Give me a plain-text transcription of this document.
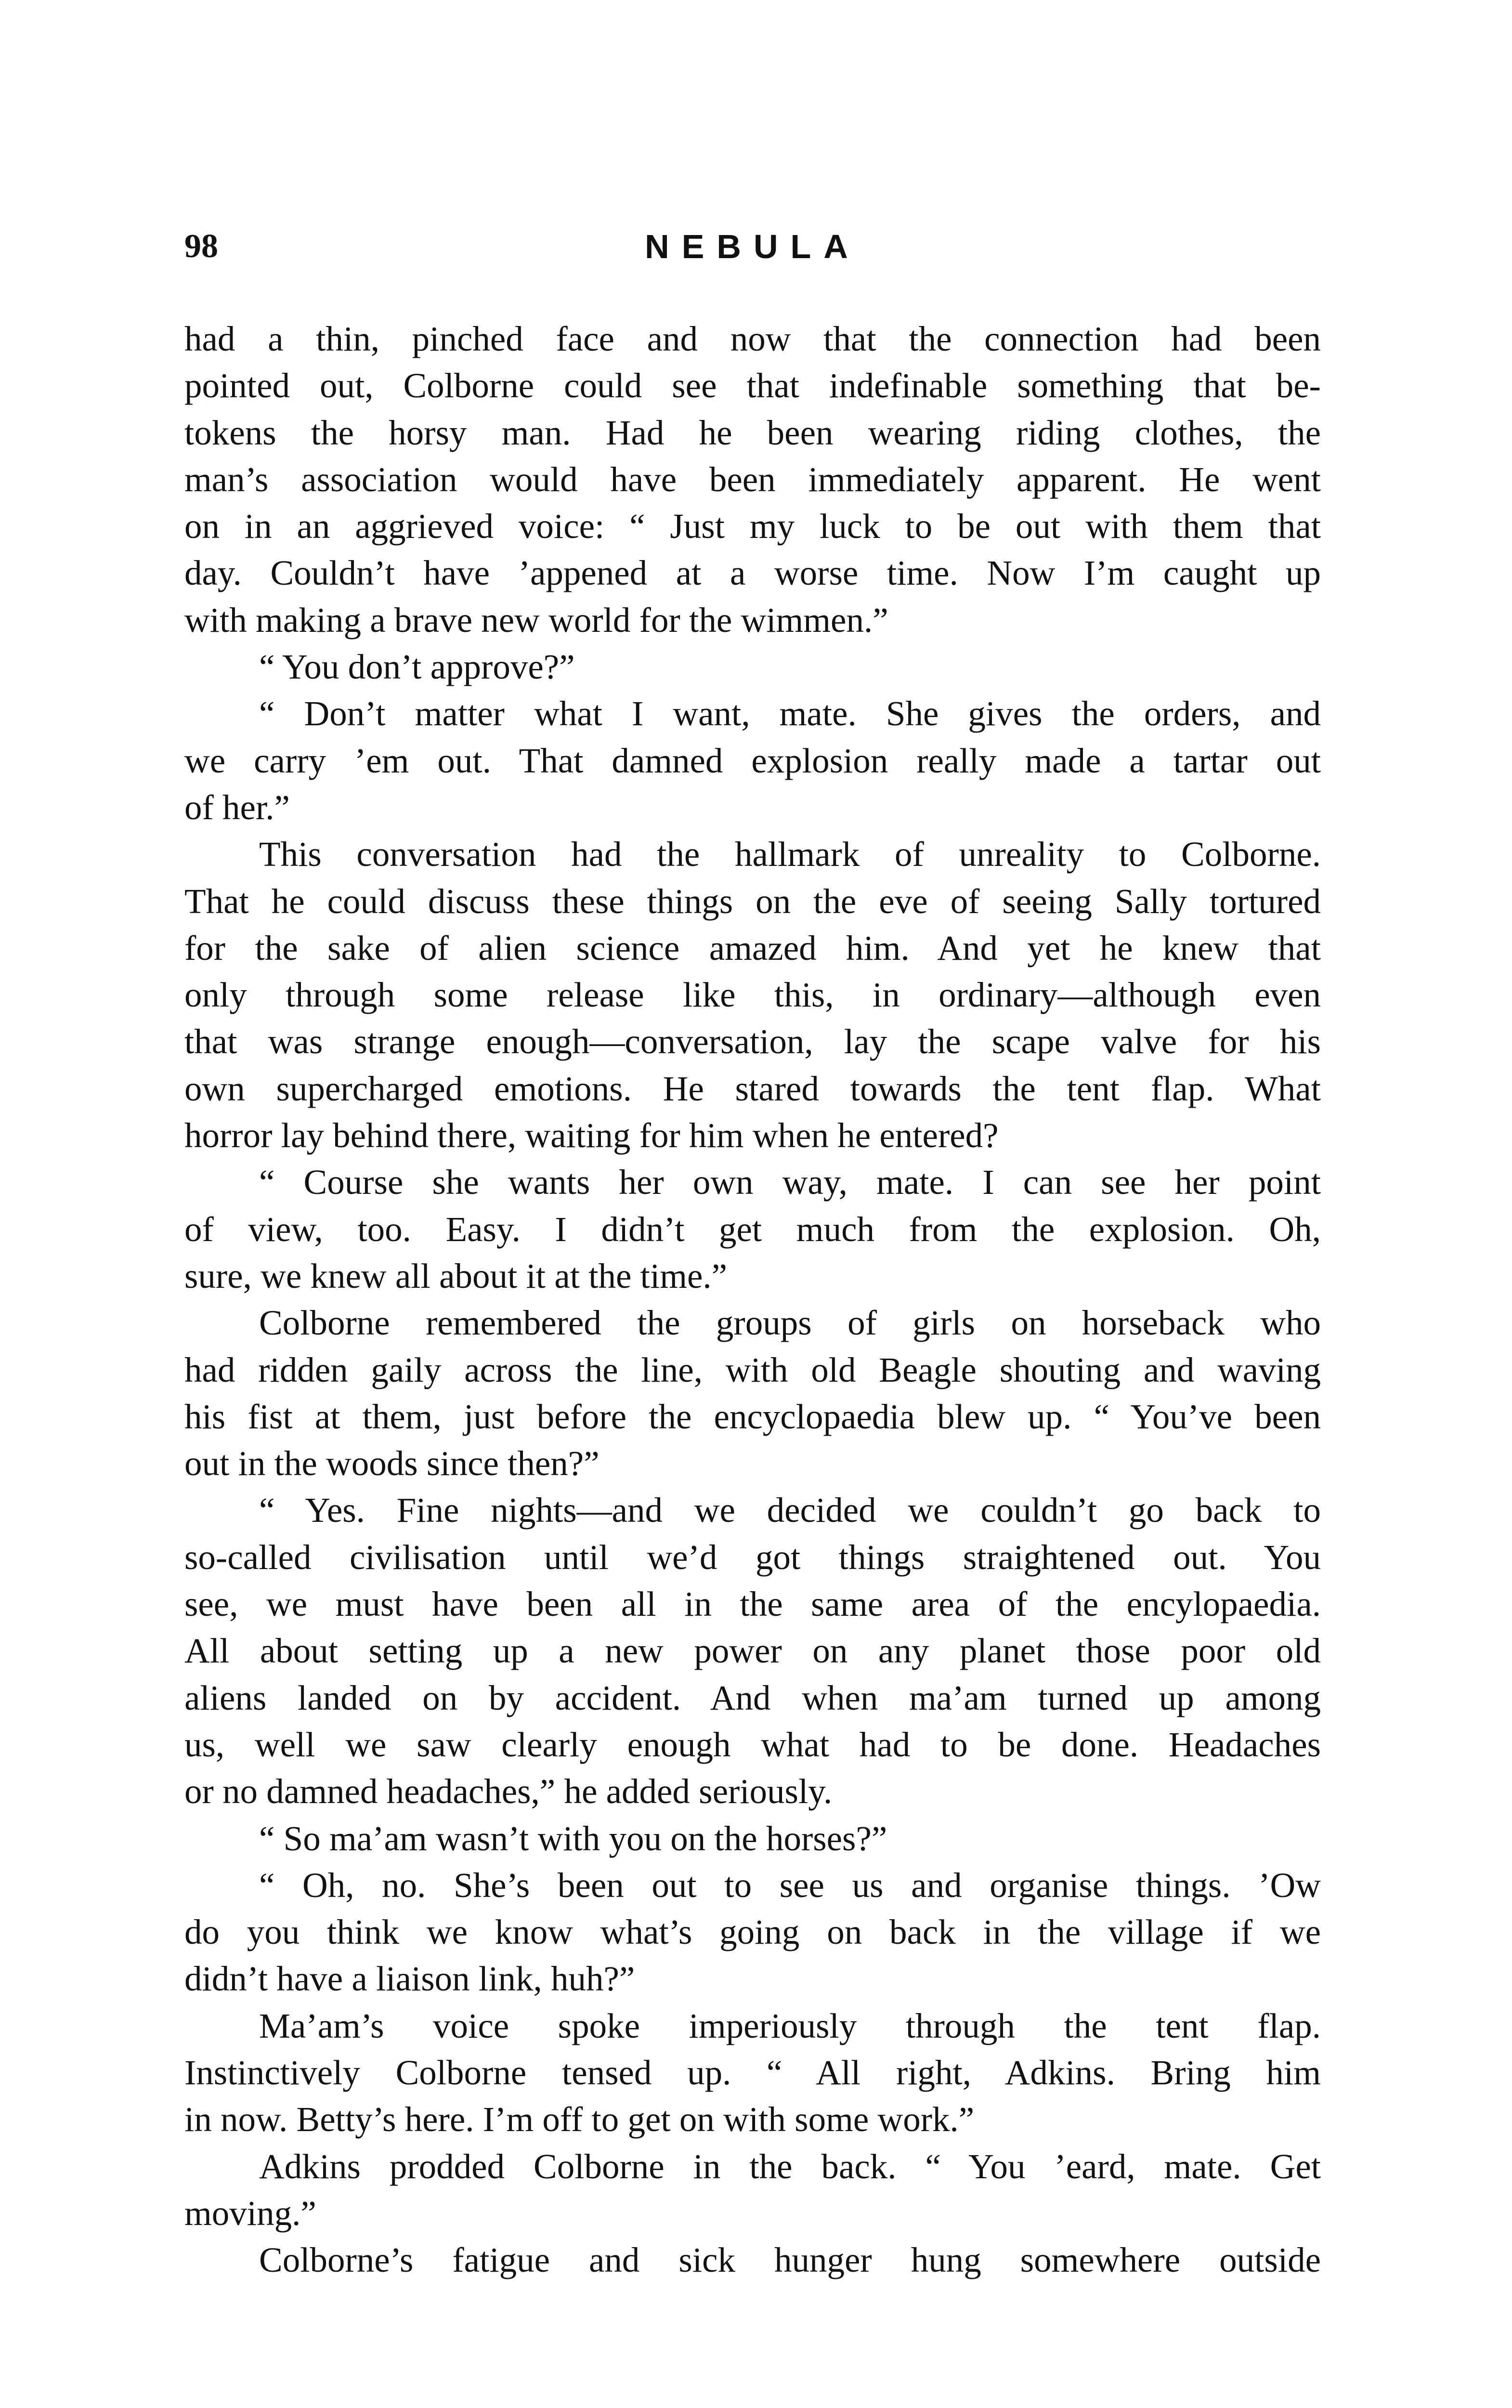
98	NEBULA

had a thin, pinched face and now that the connection had been
pointed out, Colborne could see that indefinable something that be-
tokens the horsy man. Had he been wearing riding clothes, the
man’s association would have been immediately apparent. He went
on in an aggrieved voice: “ Just my luck to be out with them that
day. Couldn’t have ’appened at a worse time. Now I’m caught up
with making a brave new world for the wimmen.”

“ You don’t approve?”

“ Don’t matter what I want, mate. She gives the orders, and
we carry ’em out. That damned explosion really made a tartar out
of her.”

This conversation had the hallmark of unreality to Colborne.
That he could discuss these things on the eve of seeing Sally tortured
for the sake of alien science amazed him. And yet he knew that
only through some release like this, in ordinary—although even
that was strange enough—conversation, lay the scape valve for his
own supercharged emotions. He stared towards the tent flap. What
horror lay behind there, waiting for him when he entered?

“ Course she wants her own way, mate. I can see her point
of view, too. Easy. I didn’t get much from the explosion. Oh,
sure, we knew all about it at the time.”

Colborne remembered the groups of girls on horseback who
had ridden gaily across the line, with old Beagle shouting and waving
his fist at them, just before the encyclopaedia blew up. “ You’ve been
out in the woods since then?”

“ Yes. Fine nights—and we decided we couldn’t go back to
so-called civilisation until we’d got things straightened out. You
see, we must have been all in the same area of the encylopaedia.
All about setting up a new power on any planet those poor old
aliens landed on by accident. And when ma’am turned up among
us, well we saw clearly enough what had to be done. Headaches
or no damned headaches,” he added seriously.

“ So ma’am wasn’t with you on the horses?”

“ Oh, no. She’s been out to see us and organise things. ’Ow
do you think we know what’s going on back in the village if we
didn’t have a liaison link, huh?”

Ma’am’s voice spoke imperiously through the tent flap.
Instinctively Colborne tensed up. “ All right, Adkins. Bring him
in now. Betty’s here. I’m off to get on with some work.”

Adkins prodded Colborne in the back. “ You ’eard, mate. Get
moving.”

Colborne’s fatigue and sick hunger hung somewhere outside
